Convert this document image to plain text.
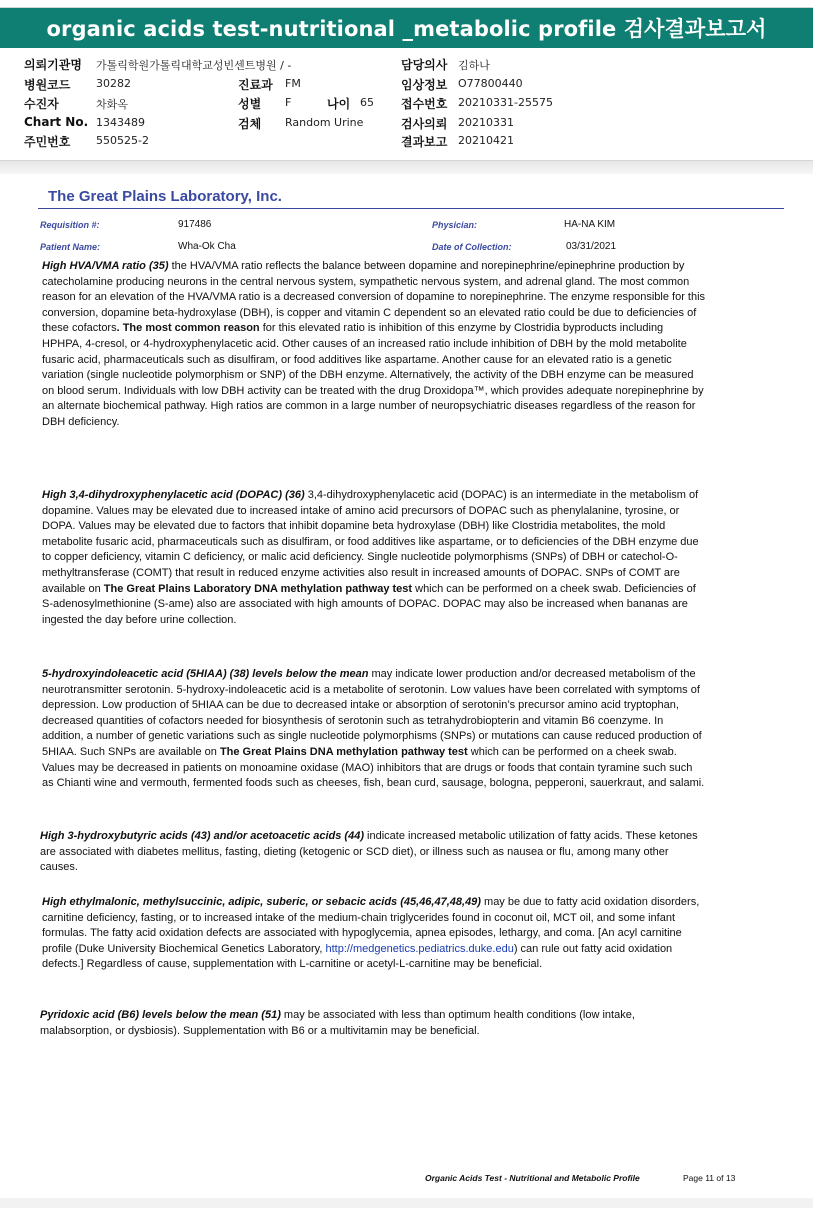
organic acids test-nutritional _metabolic profile 검사결과보고서
의뢰기관명 가톨릭학원가톨릭대학교성빈센트병원 / -	담당의사 김하나
병원코드 30282	진료과 FM	임상정보 O77800440
수진자	차화옥	성별 F	나이 65 접수번호 20210331-25575
Chart No. 1343489	검체 Random Urine	검사의뢰 20210331
주민번호 550525-2	결과보고 20210421
The Great Plains Laboratory, Inc.
Requisition #:	917486	Physician:	HA-NA KIM
Patient Name:	Wha-Ok Cha	Date of Collection:	03/31/2021

High HVA/VMA ratio (35) the HVA/VMA ratio reflects the balance between dopamine and norepinephrine/epinephrine production by catecholamine producing neurons in the central nervous system, sympathetic nervous system, and adrenal gland. The most common reason for an elevation of the HVA/VMA ratio is a decreased conversion of dopamine to norepinephrine. The enzyme responsible for this conversion, dopamine beta-hydroxylase (DBH), is copper and vitamin C dependent so an elevated ratio could be due to deficiencies of these cofactors. The most common reason for this elevated ratio is inhibition of this enzyme by Clostridia byproducts including HPHPA, 4-cresol, or 4-hydroxyphenylacetic acid. Other causes of an increased ratio include inhibition of DBH by the mold metabolite fusaric acid, pharmaceuticals such as disulfiram, or food additives like aspartame. Another cause for an elevated ratio is a genetic variation (single nucleotide polymorphism or SNP) of the DBH enzyme. Alternatively, the activity of the DBH enzyme can be measured on blood serum. Individuals with low DBH activity can be treated with the drug Droxidopa™, which provides adequate norepinephrine by an alternate biochemical pathway. High ratios are common in a large number of neuropsychiatric diseases regardless of the reason for DBH deficiency.

High 3,4-dihydroxyphenylacetic acid (DOPAC) (36) 3,4-dihydroxyphenylacetic acid (DOPAC) is an intermediate in the metabolism of dopamine. Values may be elevated due to increased intake of amino acid precursors of DOPAC such as phenylalanine, tyrosine, or DOPA. Values may be elevated due to factors that inhibit dopamine beta hydroxylase (DBH) like Clostridia metabolites, the mold metabolite fusaric acid, pharmaceuticals such as disulfiram, or food additives like aspartame, or to deficiencies of the DBH enzyme due to copper deficiency, vitamin C deficiency, or malic acid deficiency. Single nucleotide polymorphisms (SNPs) of DBH or catechol-O-methyltransferase (COMT) that result in reduced enzyme activities also result in increased amounts of DOPAC. SNPs of COMT are available on The Great Plains Laboratory DNA methylation pathway test which can be performed on a cheek swab. Deficiencies of S-adenosylmethionine (S-ame) also are associated with high amounts of DOPAC. DOPAC may also be increased when bananas are ingested the day before urine collection.

5-hydroxyindoleacetic acid (5HIAA) (38) levels below the mean may indicate lower production and/or decreased metabolism of the neurotransmitter serotonin. 5-hydroxy-indoleacetic acid is a metabolite of serotonin. Low values have been correlated with symptoms of depression. Low production of 5HIAA can be due to decreased intake or absorption of serotonin’s precursor amino acid tryptophan, decreased quantities of cofactors needed for biosynthesis of serotonin such as tetrahydrobiopterin and vitamin B6 coenzyme. In addition, a number of genetic variations such as single nucleotide polymorphisms (SNPs) or mutations can cause reduced production of 5HIAA. Such SNPs are available on The Great Plains DNA methylation pathway test which can be performed on a cheek swab. Values may be decreased in patients on monoamine oxidase (MAO) inhibitors that are drugs or foods that contain tyramine such such as Chianti wine and vermouth, fermented foods such as cheeses, fish, bean curd, sausage, bologna, pepperoni, sauerkraut, and salami.

High 3-hydroxybutyric acids (43) and/or acetoacetic acids (44) indicate increased metabolic utilization of fatty acids. These ketones are associated with diabetes mellitus, fasting, dieting (ketogenic or SCD diet), or illness such as nausea or flu, among many other causes.

High ethylmalonic, methylsuccinic, adipic, suberic, or sebacic acids (45,46,47,48,49) may be due to fatty acid oxidation disorders, carnitine deficiency, fasting, or to increased intake of the medium-chain triglycerides found in coconut oil, MCT oil, and some infant formulas. The fatty acid oxidation defects are associated with hypoglycemia, apnea episodes, lethargy, and coma. [An acyl carnitine profile (Duke University Biochemical Genetics Laboratory, http://medgenetics.pediatrics.duke.edu) can rule out fatty acid oxidation defects.] Regardless of cause, supplementation with L-carnitine or acetyl-L-carnitine may be beneficial.

Pyridoxic acid (B6) levels below the mean (51) may be associated with less than optimum health conditions (low intake, malabsorption, or dysbiosis). Supplementation with B6 or a multivitamin may be beneficial.

Organic Acids Test - Nutritional and Metabolic Profile	Page 11 of 13
